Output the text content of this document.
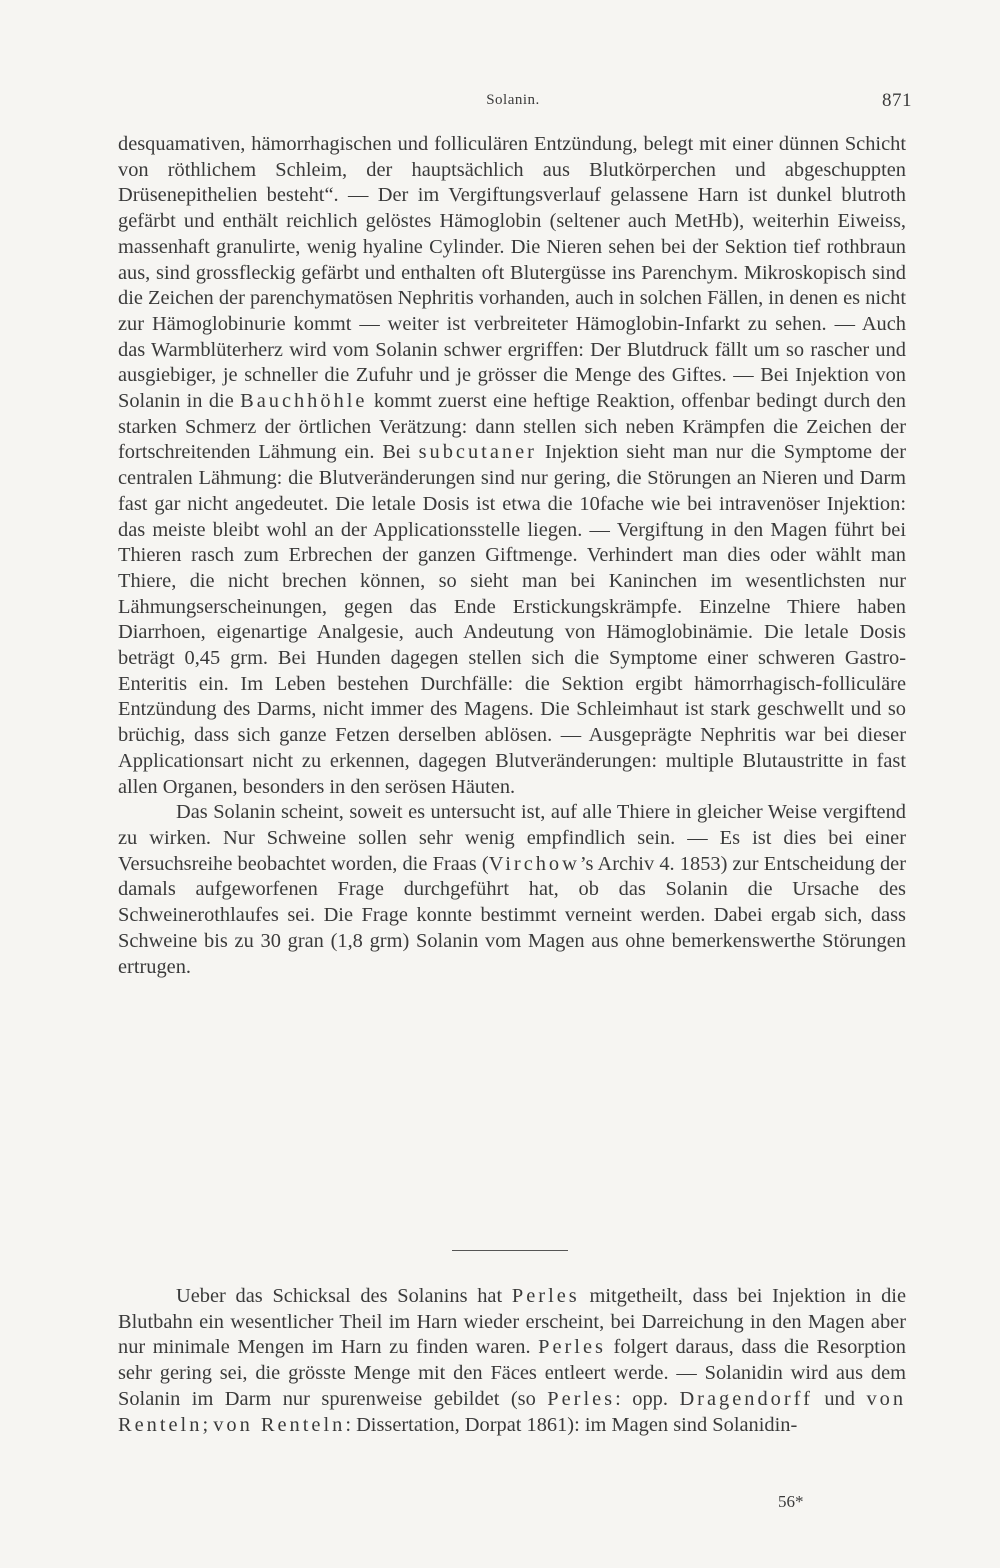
Solanin.	871

desquamativen, hämorrhagischen und folliculären Entzündung, belegt mit einer dünnen Schicht von röthlichem Schleim, der hauptsächlich aus Blutkörperchen und abgeschuppten Drüsenepithelien besteht“. — Der im Vergiftungsverlauf gelassene Harn ist dunkel blutroth gefärbt und enthält reichlich gelöstes Hämoglobin (seltener auch MetHb), weiterhin Eiweiss, massenhaft granulirte, wenig hyaline Cylinder. Die Nieren sehen bei der Sektion tief rothbraun aus, sind grossfleckig gefärbt und enthalten oft Blutergüsse ins Parenchym. Mikroskopisch sind die Zeichen der parenchymatösen Nephritis vorhanden, auch in solchen Fällen, in denen es nicht zur Hämoglobinurie kommt — weiter ist verbreiteter Hämoglobin-Infarkt zu sehen. — Auch das Warmblüterherz wird vom Solanin schwer ergriffen: Der Blutdruck fällt um so rascher und ausgiebiger, je schneller die Zufuhr und je grösser die Menge des Giftes. — Bei Injektion von Solanin in die Bauchhöhle kommt zuerst eine heftige Reaktion, offenbar bedingt durch den starken Schmerz der örtlichen Verätzung: dann stellen sich neben Krämpfen die Zeichen der fortschreitenden Lähmung ein. Bei subcutaner Injektion sieht man nur die Symptome der centralen Lähmung: die Blutveränderungen sind nur gering, die Störungen an Nieren und Darm fast gar nicht angedeutet. Die letale Dosis ist etwa die 10fache wie bei intravenöser Injektion: das meiste bleibt wohl an der Applicationsstelle liegen. — Vergiftung in den Magen führt bei Thieren rasch zum Erbrechen der ganzen Giftmenge. Verhindert man dies oder wählt man Thiere, die nicht brechen können, so sieht man bei Kaninchen im wesentlichsten nur Lähmungserscheinungen, gegen das Ende Erstickungskrämpfe. Einzelne Thiere haben Diarrhoen, eigenartige Analgesie, auch Andeutung von Hämoglobinämie. Die letale Dosis beträgt 0,45 grm. Bei Hunden dagegen stellen sich die Symptome einer schweren Gastro-Enteritis ein. Im Leben bestehen Durchfälle: die Sektion ergibt hämorrhagisch-folliculäre Entzündung des Darms, nicht immer des Magens. Die Schleimhaut ist stark geschwellt und so brüchig, dass sich ganze Fetzen derselben ablösen. — Ausgeprägte Nephritis war bei dieser Applicationsart nicht zu erkennen, dagegen Blutveränderungen: multiple Blutaustritte in fast allen Organen, besonders in den serösen Häuten.

Das Solanin scheint, soweit es untersucht ist, auf alle Thiere in gleicher Weise vergiftend zu wirken. Nur Schweine sollen sehr wenig empfindlich sein. — Es ist dies bei einer Versuchsreihe beobachtet worden, die Fraas (Virchow’s Archiv 4. 1853) zur Entscheidung der damals aufgeworfenen Frage durchgeführt hat, ob das Solanin die Ursache des Schweinerothlaufes sei. Die Frage konnte bestimmt verneint werden. Dabei ergab sich, dass Schweine bis zu 30 gran (1,8 grm) Solanin vom Magen aus ohne bemerkenswerthe Störungen ertrugen.

Ueber das Schicksal des Solanins hat Perles mitgetheilt, dass bei Injektion in die Blutbahn ein wesentlicher Theil im Harn wieder erscheint, bei Darreichung in den Magen aber nur minimale Mengen im Harn zu finden waren. Perles folgert daraus, dass die Resorption sehr gering sei, die grösste Menge mit den Fäces entleert werde. — Solanidin wird aus dem Solanin im Darm nur spurenweise gebildet (so Perles: opp. Dragendorff und von Renteln; von Renteln: Dissertation, Dorpat 1861): im Magen sind Solanidin-

56*
